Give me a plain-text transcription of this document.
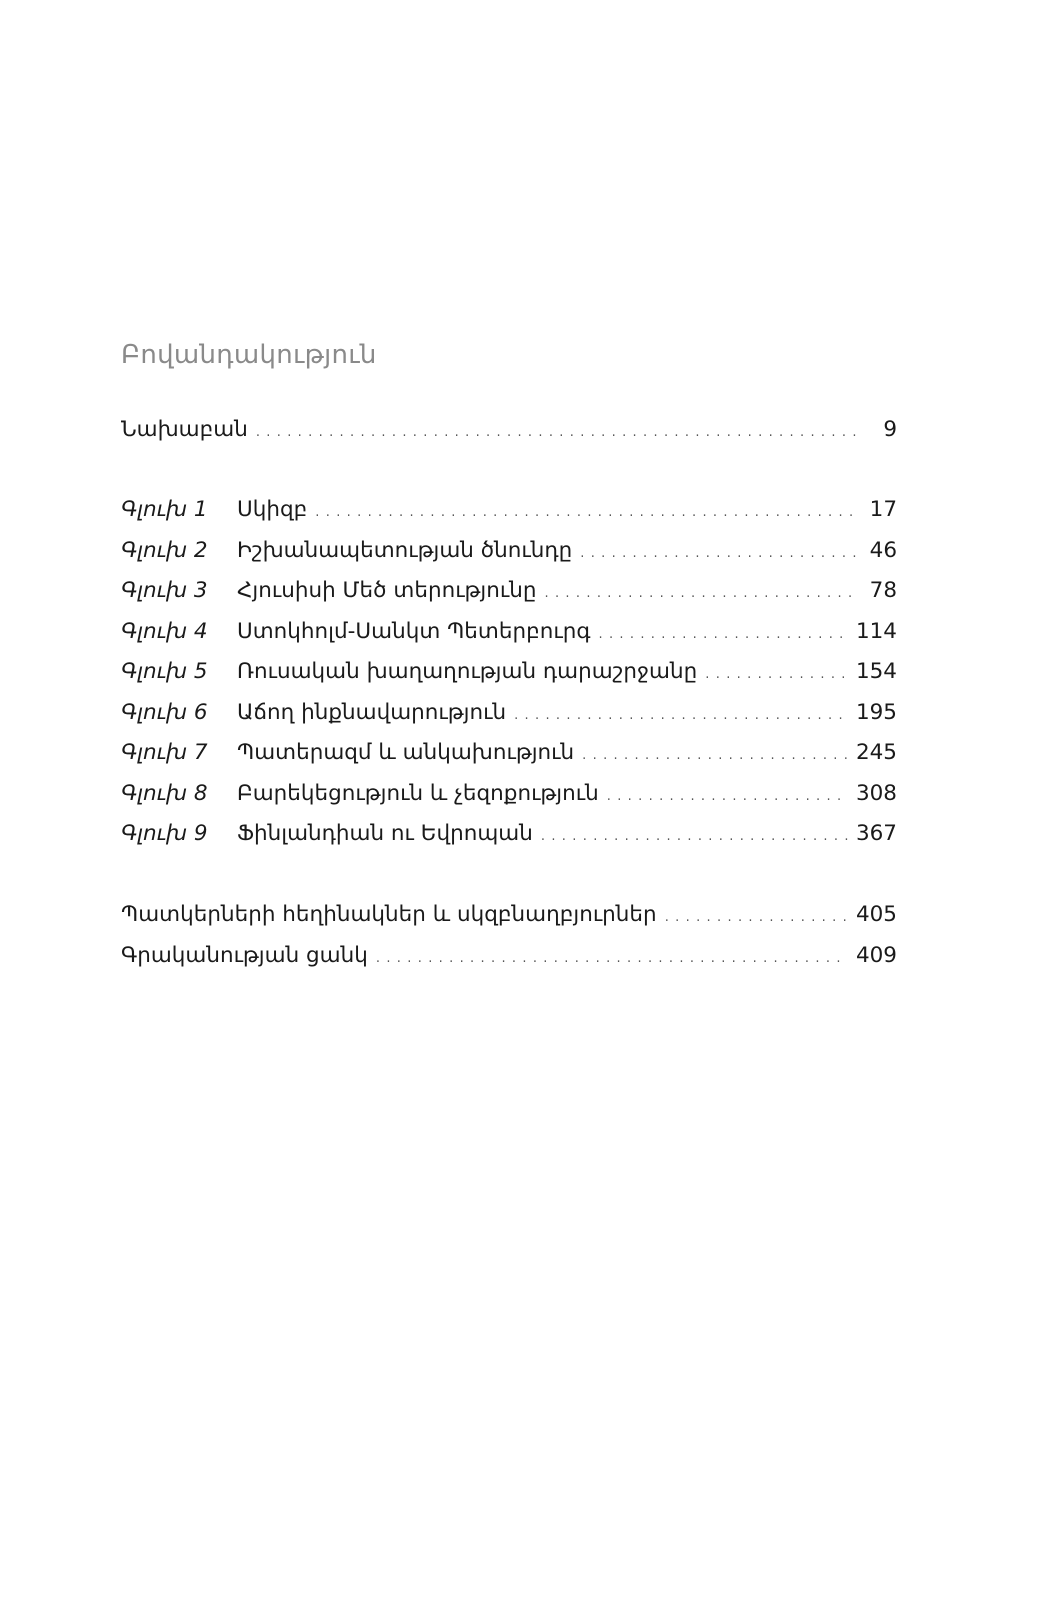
Բովանդակություն
Նախաբան . . .	9
Գլուխ 1	Սկիզբ . . .	17
Գլուխ 2	Իշխանապետության ծնունդը . . .	46
Գլուխ 3	Հյուսիսի Մեծ տերությունը . . .	78
Գլուխ 4	Ստոկհոլմ-Սանկտ Պետերբուրգ . . .	114
Գլուխ 5	Ռուսական խաղաղության դարաշրջանը . . .	154
Գլուխ 6	Աճող ինքնավարություն . . .	195
Գլուխ 7	Պատերազմ և անկախություն . . .	245
Գլուխ 8	Բարեկեցություն և չեզոքություն . . .	308
Գլուխ 9	Ֆինլանդիան ու Եվրոպան . . .	367
Պատկերների հեղինակներ և սկզբնաղբյուրներ . . .	405
Գրականության ցանկ . . .	409
